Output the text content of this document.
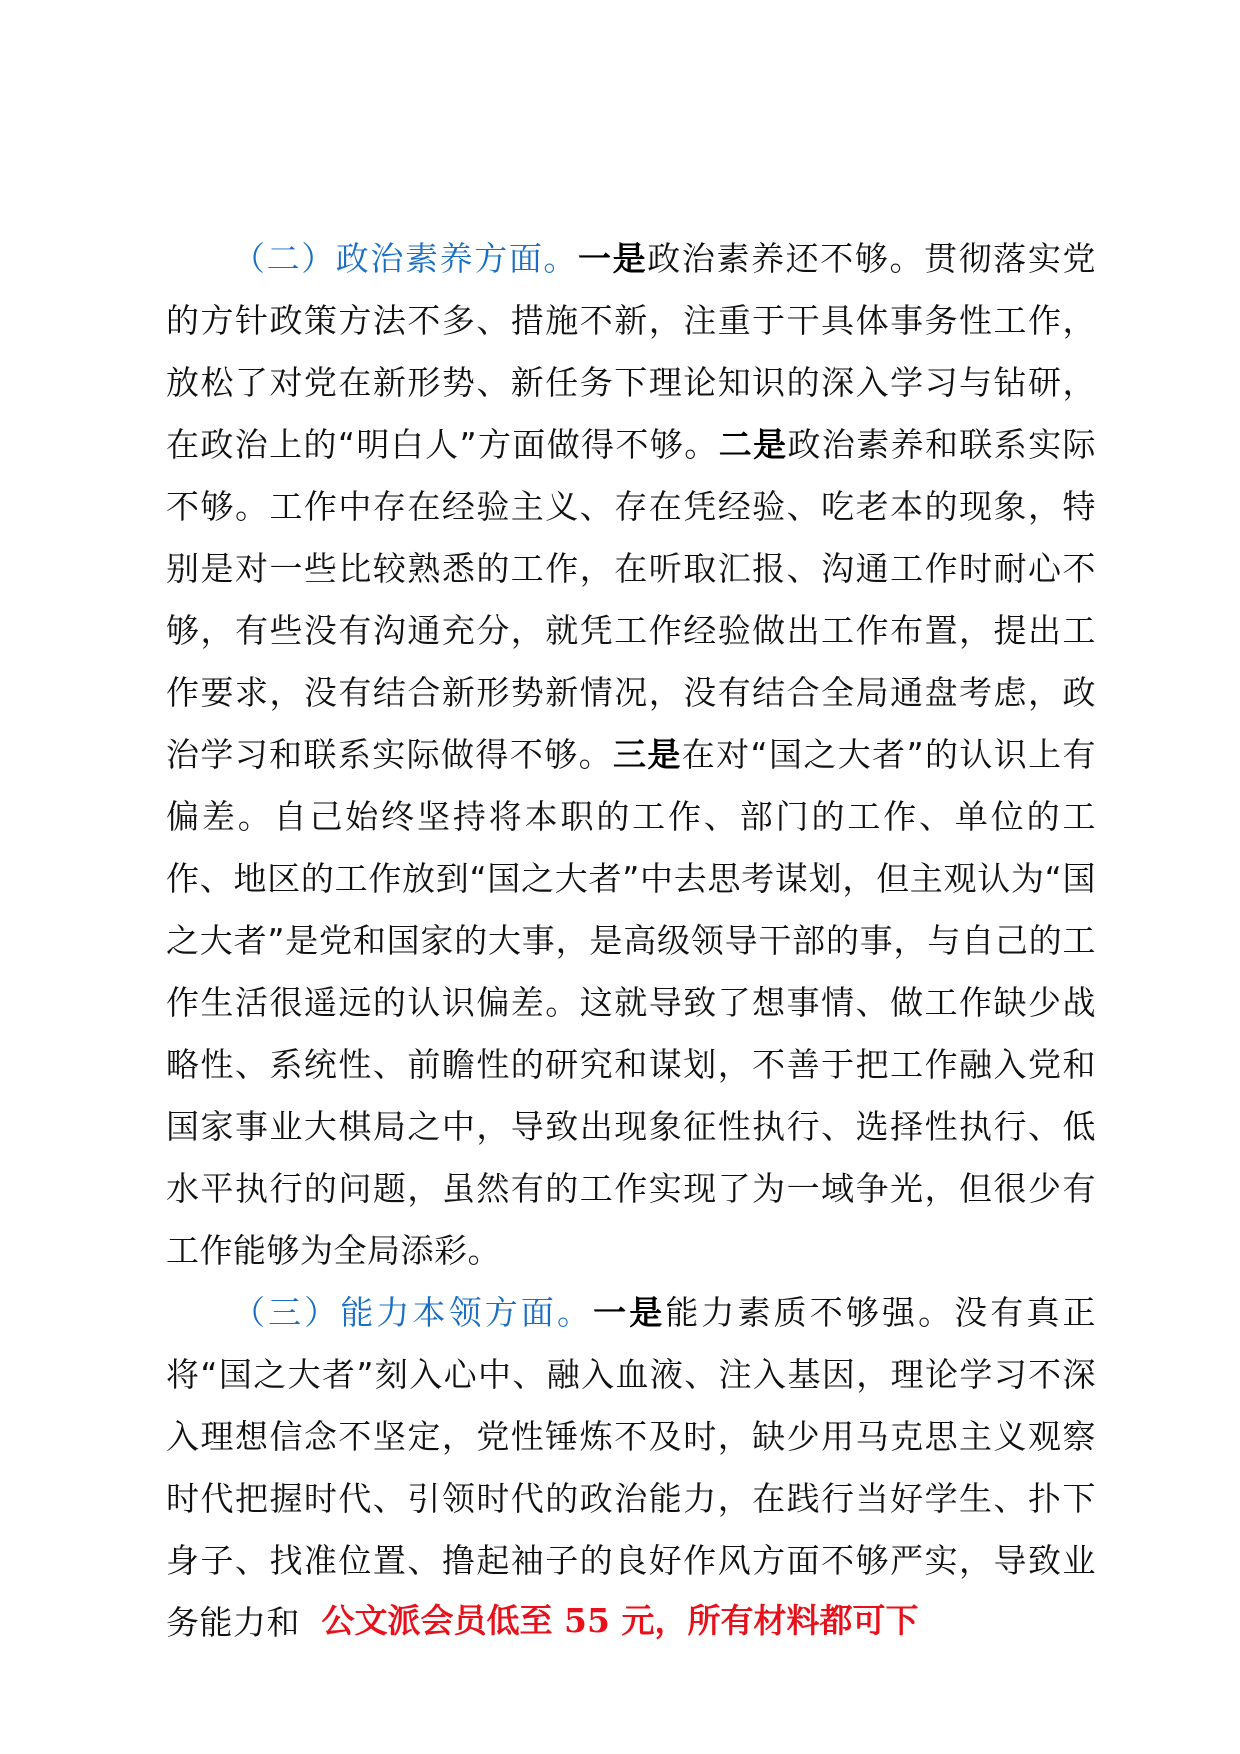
（二）政治素养方面。一是政治素养还不够。贯彻落实党的方针政策方法不多、措施不新，注重于干具体事务性工作，放松了对党在新形势、新任务下理论知识的深入学习与钻研，在政治上的“明白人”方面做得不够。二是政治素养和联系实际不够。工作中存在经验主义、存在凭经验、吃老本的现象，特别是对一些比较熟悉的工作，在听取汇报、沟通工作时耐心不够，有些没有沟通充分，就凭工作经验做出工作布置，提出工作要求，没有结合新形势新情况，没有结合全局通盘考虑，政治学习和联系实际做得不够。三是在对“国之大者”的认识上有偏差。自己始终坚持将本职的工作、部门的工作、单位的工作、地区的工作放到“国之大者”中去思考谋划，但主观认为“国之大者”是党和国家的大事，是高级领导干部的事，与自己的工作生活很遥远的认识偏差。这就导致了想事情、做工作缺少战略性、系统性、前瞻性的研究和谋划，不善于把工作融入党和国家事业大棋局之中，导致出现象征性执行、选择性执行、低水平执行的问题，虽然有的工作实现了为一域争光，但很少有工作能够为全局添彩。

（三）能力本领方面。一是能力素质不够强。没有真正将“国之大者”刻入心中、融入血液、注入基因，理论学习不深入理想信念不坚定，党性锤炼不及时，缺少用马克思主义观察时代把握时代、引领时代的政治能力，在践行当好学生、扑下身子、找准位置、撸起袖子的良好作风方面不够严实，导致业务能力和 公文派会员低至 55 元，所有材料都可下
